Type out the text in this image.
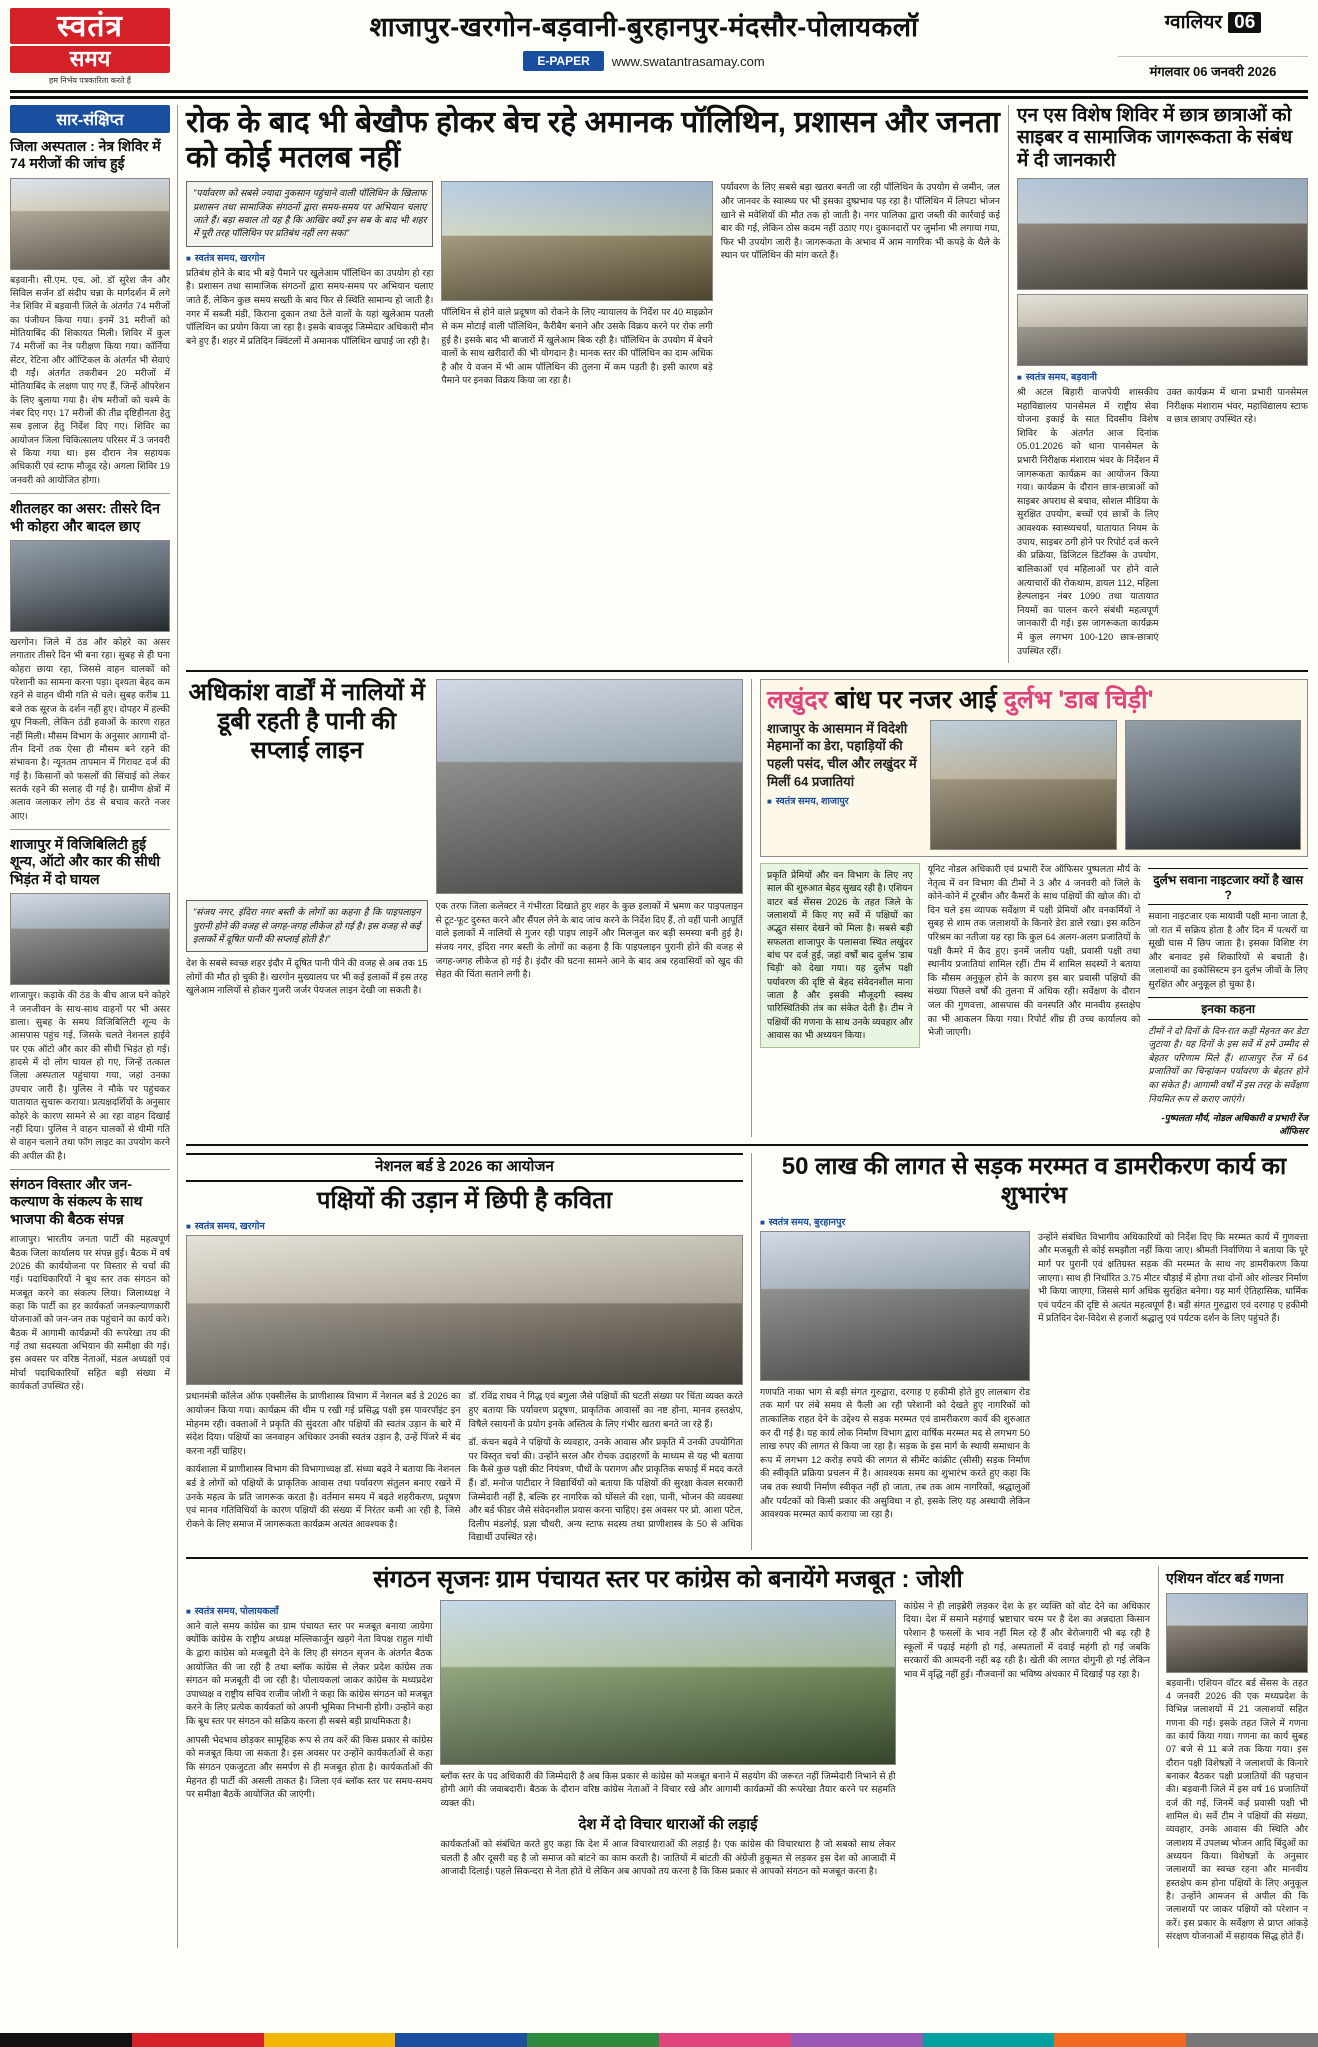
स्वतंत्र
समय
हम निर्भय पत्रकारिता करते हैं
शाजापुर-खरगोन-बड़वानी-बुरहानपुर-मंदसौर-पोलायकलॉ
E-PAPER	www.swatantrasamay.com
ग्वालियर 06
मंगलवार 06 जनवरी 2026
सार-संक्षिप्त
जिला अस्पताल : नेत्र शिविर में 74 मरीजों की जांच हुई
बड़वानी। सी.एम. एच. ओ. डॉ सुरेश जैन और सिविल सर्जन डॉ संदीप चन्ना के मार्गदर्शन में लगे नेत्र शिविर में बड़वानी जिले के अंतर्गत 74 मरीजों का पंजीयन किया गया। इनमें 31 मरीजों को मोतियाबिंद की शिकायत मिली। शिविर में कुल 74 मरीजों का नेत्र परीक्षण किया गया। कॉर्निया सेंटर, रेटिना और ऑप्टिकल के अंतर्गत भी सेवाएं दी गईं। अंतर्गत तकरीबन 20 मरीजों में मोतियाबिंद के लक्षण पाए गए हैं, जिन्हें ऑपरेशन के लिए बुलाया गया है। शेष मरीजों को चश्मे के नंबर दिए गए। 17 मरीजों की तीव्र दृष्टिहीनता हेतु सब इलाज हेतु निर्देश दिए गए। शिविर का आयोजन जिला चिकित्सालय परिसर में 3 जनवरी से किया गया था। इस दौरान नेत्र सहायक अधिकारी एवं स्टाफ मौजूद रहे। अगला शिविर 19 जनवरी को आयोजित होगा।
शीतलहर का असर: तीसरे दिन भी कोहरा और बादल छाए
खरगोन। जिले में ठंड और कोहरे का असर लगातार तीसरे दिन भी बना रहा। सुबह से ही घना कोहरा छाया रहा, जिससे वाहन चालकों को परेशानी का सामना करना पड़ा। दृश्यता बेहद कम रहने से वाहन धीमी गति से चले। सुबह करीब 11 बजे तक सूरज के दर्शन नहीं हुए। दोपहर में हल्की धूप निकली, लेकिन ठंडी हवाओं के कारण राहत नहीं मिली। मौसम विभाग के अनुसार आगामी दो-तीन दिनों तक ऐसा ही मौसम बने रहने की संभावना है। न्यूनतम तापमान में गिरावट दर्ज की गई है। किसानों को फसलों की सिंचाई को लेकर सतर्क रहने की सलाह दी गई है। ग्रामीण क्षेत्रों में अलाव जलाकर लोग ठंड से बचाव करते नजर आए।
शाजापुर में विजिबिलिटी हुई शून्य, ऑटो और कार की सीधी भिड़ंत में दो घायल
शाजापुर। कड़ाके की ठंड के बीच आज घने कोहरे ने जनजीवन के साथ-साथ वाहनों पर भी असर डाला। सुबह के समय विजिबिलिटी शून्य के आसपास पहुंच गई, जिसके चलते नेशनल हाईवे पर एक ऑटो और कार की सीधी भिड़ंत हो गई। हादसे में दो लोग घायल हो गए, जिन्हें तत्काल जिला अस्पताल पहुंचाया गया, जहां उनका उपचार जारी है। पुलिस ने मौके पर पहुंचकर यातायात सुचारू कराया। प्रत्यक्षदर्शियों के अनुसार कोहरे के कारण सामने से आ रहा वाहन दिखाई नहीं दिया। पुलिस ने वाहन चालकों से धीमी गति से वाहन चलाने तथा फॉग लाइट का उपयोग करने की अपील की है।
संगठन विस्तार और जन-कल्याण के संकल्प के साथ भाजपा की बैठक संपन्न
शाजापुर। भारतीय जनता पार्टी की महत्वपूर्ण बैठक जिला कार्यालय पर संपन्न हुई। बैठक में वर्ष 2026 की कार्ययोजना पर विस्तार से चर्चा की गई। पदाधिकारियों ने बूथ स्तर तक संगठन को मजबूत करने का संकल्प लिया। जिलाध्यक्ष ने कहा कि पार्टी का हर कार्यकर्ता जनकल्याणकारी योजनाओं को जन-जन तक पहुंचाने का कार्य करे। बैठक में आगामी कार्यक्रमों की रूपरेखा तय की गई तथा सदस्यता अभियान की समीक्षा की गई। इस अवसर पर वरिष्ठ नेताओं, मंडल अध्यक्षों एवं मोर्चा पदाधिकारियों सहित बड़ी संख्या में कार्यकर्ता उपस्थित रहे।
रोक के बाद भी बेखौफ होकर बेच रहे अमानक पॉलिथिन, प्रशासन और जनता को कोई मतलब नहीं
"पर्यावरण को सबसे ज्यादा नुकसान पहुंचाने वाली पॉलिथिन के खिलाफ प्रशासन तथा सामाजिक संगठनों द्वारा समय-समय पर अभियान चलाए जाते हैं। बड़ा सवाल तो यह है कि आखिर क्यों इन सब के बाद भी शहर में पूरी तरह पॉलिथिन पर प्रतिबंध नहीं लग सका"
■ स्वतंत्र समय, खरगोन
प्रतिबंध होने के बाद भी बड़े पैमाने पर खुलेआम पॉलिथिन का उपयोग हो रहा है। प्रशासन तथा सामाजिक संगठनों द्वारा समय-समय पर अभियान चलाए जाते हैं, लेकिन कुछ समय सख्ती के बाद फिर से स्थिति सामान्य हो जाती है। नगर में सब्जी मंडी, किराना दुकान तथा ठेले वालों के यहां खुलेआम पतली पॉलिथिन का प्रयोग किया जा रहा है। इसके बावजूद जिम्मेदार अधिकारी मौन बने हुए हैं। शहर में प्रतिदिन क्विंटलों में अमानक पॉलिथिन खपाई जा रही है।
पॉलिथिन से होने वाले प्रदूषण को रोकने के लिए न्यायालय के निर्देश पर 40 माइक्रोन से कम मोटाई वाली पॉलिथिन, कैरीबैग बनाने और उसके विक्रय करने पर रोक लगी हुई है। इसके बाद भी बाजारों में खुलेआम बिक रही है। पॉलिथिन के उपयोग में बेचने वालों के साथ खरीदारों की भी योगदान है। मानक स्तर की पॉलिथिन का दाम अधिक है और ये वजन में भी आम पॉलिथिन की तुलना में कम पड़ती है। इसी कारण बड़े पैमाने पर इनका विक्रय किया जा रहा है।
पर्यावरण के लिए सबसे बड़ा खतरा बनती जा रही पॉलिथिन के उपयोग से जमीन, जल और जानवर के स्वास्थ्य पर भी इसका दुष्प्रभाव पड़ रहा है। पॉलिथिन में लिपटा भोजन खाने से मवेशियों की मौत तक हो जाती है। नगर पालिका द्वारा जब्ती की कार्रवाई कई बार की गई, लेकिन ठोस कदम नहीं उठाए गए। दुकानदारों पर जुर्माना भी लगाया गया, फिर भी उपयोग जारी है। जागरूकता के अभाव में आम नागरिक भी कपड़े के थैले के स्थान पर पॉलिथिन की मांग करते हैं।
एन एस विशेष शिविर में छात्र छात्राओं को साइबर व सामाजिक जागरूकता के संबंध में दी जानकारी
■ स्वतंत्र समय, बड़वानी
श्री अटल बिहारी वाजपेयी शासकीय महाविद्यालय पानसेमल में राष्ट्रीय सेवा योजना इकाई के सात दिवसीय विशेष शिविर के अंतर्गत आज दिनांक 05.01.2026 को थाना पानसेमल के प्रभारी निरीक्षक मंशाराम भंवर के निर्देशन में जागरूकता कार्यक्रम का आयोजन किया गया। कार्यक्रम के दौरान छात्र-छात्राओं को साइबर अपराध से बचाव, सोशल मीडिया के सुरक्षित उपयोग, बच्चों एवं छात्रों के लिए आवश्यक स्वास्थ्यचर्या, यातायात नियम के उपाय, साइबर ठगी होने पर रिपोर्ट दर्ज करने की प्रक्रिया, डिजिटल डिटॉक्स के उपयोग, बालिकाओं एवं महिलाओं पर होने वाले अत्याचारों की रोकथाम, डायल 112, महिला हेल्पलाइन नंबर 1090 तथा यातायात नियमों का पालन करने संबंधी महत्वपूर्ण जानकारी दी गई। इस जागरूकता कार्यक्रम में कुल लगभग 100-120 छात्र-छात्राएं उपस्थित रहीं।
उक्त कार्यक्रम में थाना प्रभारी पानसेमल निरीक्षक मंशाराम भंवर, महाविद्यालय स्टाफ व छात्र छात्राए उपस्थित रहे।
अधिकांश वार्डों में नालियों में डूबी रहती है पानी की सप्लाई लाइन
"संजय नगर, इंदिरा नगर बस्ती के लोगों का कहना है कि पाइपलाइन पुरानी होने की वजह से जगह-जगह लीकेज हो गई है। इस वजह से कई इलाकों में दूषित पानी की सप्लाई होती है।"
देश के सबसे स्वच्छ शहर इंदौर में दूषित पानी पीने की वजह से अब तक 15 लोगों की मौत हो चुकी है। खरगोन मुख्यालय पर भी कई इलाकों में इस तरह खुलेआम नालियों से होकर गुजरी जर्जर पेयजल लाइन देखी जा सकती है।
एक तरफ जिला कलेक्टर ने गंभीरता दिखाते हुए शहर के कुछ इलाकों में भ्रमण कर पाइपलाइन से टूट-फूट दुरुस्त करने और सैंपल लेने के बाद जांच करने के निर्देश दिए हैं, तो वहीं पानी आपूर्ति वाले इलाकों में नालियों से गुजर रही पाइप लाइनें और मिलजुल कर बड़ी समस्या बनी हुई है। संजय नगर, इंदिरा नगर बस्ती के लोगों का कहना है कि पाइपलाइन पुरानी होने की वजह से जगह-जगह लीकेज हो गई है। इंदौर की घटना सामने आने के बाद अब रहवासियों को खुद की सेहत की चिंता सताने लगी है।
लखुंदर बांध पर नजर आई दुर्लभ 'डाब चिड़ी'
शाजापुर के आसमान में विदेशी मेहमानों का डेरा, पहाड़ियों की पहली पसंद, चील और लखुंदर में मिलीं 64 प्रजातियां
■ स्वतंत्र समय, शाजापुर
प्रकृति प्रेमियों और वन विभाग के लिए नए साल की शुरुआत बेहद सुखद रही है। एशियन वाटर बर्ड सेंसस 2026 के तहत जिले के जलाशयों में किए गए सर्वे में पक्षियों का अद्भुत संसार देखने को मिला है। सबसे बड़ी सफलता शाजापुर के पलासवा स्थित लखुंदर बांध पर दर्ज हुई, जहां वर्षों बाद दुर्लभ 'डाब चिड़ी' को देखा गया। यह दुर्लभ पक्षी पर्यावरण की दृष्टि से बेहद संवेदनशील माना जाता है और इसकी मौजूदगी स्वस्थ पारिस्थितिकी तंत्र का संकेत देती है। टीम ने पक्षियों की गणना के साथ उनके व्यवहार और आवास का भी अध्ययन किया।
यूनिट नोडल अधिकारी एवं प्रभारी रेंज ऑफिसर पुष्पलता मौर्य के नेतृत्व में वन विभाग की टीमों ने 3 और 4 जनवरी को जिले के कोने-कोने में टूरबीन और कैमरों के साथ पक्षियों की खोज की। दो दिन चले इस व्यापक सर्वेक्षण में पक्षी प्रेमियों और वनकर्मियों ने सुबह से शाम तक जलाशयों के किनारे डेरा डाले रखा। इस कठिन परिश्रम का नतीजा यह रहा कि कुल 64 अलग-अलग प्रजातियों के पक्षी कैमरे में कैद हुए। इनमें जलीय पक्षी, प्रवासी पक्षी तथा स्थानीय प्रजातियां शामिल रहीं। टीम में शामिल सदस्यों ने बताया कि मौसम अनुकूल होने के कारण इस बार प्रवासी पक्षियों की संख्या पिछले वर्षों की तुलना में अधिक रही। सर्वेक्षण के दौरान जल की गुणवत्ता, आसपास की वनस्पति और मानवीय हस्तक्षेप का भी आकलन किया गया। रिपोर्ट शीघ्र ही उच्च कार्यालय को भेजी जाएगी।
दुर्लभ सवाना नाइटजार क्यों है खास ?
सवाना नाइटजार एक मायावी पक्षी माना जाता है, जो रात में सक्रिय होता है और दिन में पत्थरों या सूखी घास में छिप जाता है। इसका विशिष्ट रंग और बनावट इसे शिकारियों से बचाती है। जलाशयों का इकोसिस्टम इन दुर्लभ जीवों के लिए सुरक्षित और अनुकूल हो चुका है।
इनका कहना
टीमों ने दो दिनों के दिन-रात कड़ी मेहनत कर डेटा जुटाया है। यह दिनों के इस सर्वे में हमें उम्मीद से बेहतर परिणाम मिले हैं। शाजापुर रेंज में 64 प्रजातियों का चिन्हांकन पर्यावरण के बेहतर होने का संकेत है। आगामी वर्षों में इस तरह के सर्वेक्षण नियमित रूप से कराए जाएंगे।
-पुष्पलता मौर्य, नोडल अधिकारी व प्रभारी रेंज ऑफिसर
नेशनल बर्ड डे 2026 का आयोजन
पक्षियों की उड़ान में छिपी है कविता
■ स्वतंत्र समय, खरगोन
प्रधानमंत्री कॉलेज ऑफ एक्सीलेंस के प्राणीशास्त्र विभाग में नेशनल बर्ड डे 2026 का आयोजन किया गया। कार्यक्रम की थीम प रखी गई प्रसिद्ध पक्षी इस पावरपॉइंट इन मोहनम रही। वक्ताओं ने प्रकृति की सुंदरता और पक्षियों की स्वतंत्र उड़ान के बारे में संदेश दिया। पक्षियों का जनवाहन अधिकार उनकी स्वतंत्र उड़ान है, उन्हें पिंजरे में बंद करना नहीं चाहिए।
कार्यशाला में प्राणीशास्त्र विभाग की विभागाध्यक्ष डॉ. संध्या बढ़वे ने बताया कि नेशनल बर्ड डे लोगों को पक्षियों के प्राकृतिक आवास तथा पर्यावरण संतुलन बनाए रखने में उनके महत्व के प्रति जागरूक करता है। वर्तमान समय में बढ़ते शहरीकरण, प्रदूषण एवं मानव गतिविधियों के कारण पक्षियों की संख्या में निरंतर कमी आ रही है, जिसे रोकने के लिए समाज में जागरूकता कार्यक्रम अत्यंत आवश्यक है।
डॉ. रविंद्र राघव ने गिद्ध एवं बगुला जैसे पक्षियों की घटती संख्या पर चिंता व्यक्त करते हुए बताया कि पर्यावरण प्रदूषण, प्राकृतिक आवासों का नष्ट होना, मानव हस्तक्षेप, विषैले रसायनों के प्रयोग इनके अस्तित्व के लिए गंभीर खतरा बनते जा रहे हैं।
डॉ. कंचन बढ़वे ने पक्षियों के व्यवहार, उनके आवास और प्रकृति में उनकी उपयोगिता पर विस्तृत चर्चा की। उन्होंने सरल और रोचक उदाहरणों के माध्यम से यह भी बताया कि कैसे कुछ पक्षी कीट नियंत्रण, पौधों के परागण और प्राकृतिक सफाई में मदद करते हैं। डॉ. मनोज पाटीदार ने विद्यार्थियों को बताया कि पक्षियों की सुरक्षा केवल सरकारी जिम्मेदारी नहीं है, बल्कि हर नागरिक को घोंसले की रक्षा, पानी, भोजन की व्यवस्था और बर्ड फीडर जैसे संवेदनशील प्रयास करना चाहिए। इस अवसर पर प्रो. आशा पटेल, दिलीप मंडलोई, प्रज्ञा चौधरी, अन्य स्टाफ सदस्य तथा प्राणीशास्त्र के 50 से अधिक विद्यार्थी उपस्थित रहे।
50 लाख की लागत से सड़क मरम्मत व डामरीकरण कार्य का शुभारंभ
■ स्वतंत्र समय, बुरहानपुर
गणपति नाका भाग से बड़ी संगत गुरुद्वारा, दरगाह ए हकीमी होते हुए लालबाग रोड तक मार्ग पर लंबे समय से फैली आ रही परेशानी को देखते हुए नागरिकों को तात्कालिक राहत देने के उद्देश्य से सड़क मरम्मत एवं डामरीकरण कार्य की शुरुआत कर दी गई है। यह कार्य लोक निर्माण विभाग द्वारा वार्षिक मरम्मत मद से लगभग 50 लाख रुपए की लागत से किया जा रहा है। सड़क के इस मार्ग के स्थायी समाधान के रूप में लगभग 12 करोड़ रुपये की लागत से सीमेंट कांक्रीट (सीसी) सड़क निर्माण की स्वीकृति प्रक्रिया प्रचलन में है। आवश्यक समय का शुभारंभ करते हुए कहा कि जब तक स्थायी निर्माण स्वीकृत नहीं हो जाता, तब तक आम नागरिकों, श्रद्धालुओं और पर्यटकों को किसी प्रकार की असुविधा न हो, इसके लिए यह अस्थायी लेकिन आवश्यक मरम्मत कार्य कराया जा रहा है।
उन्होंने संबंधित विभागीय अधिकारियों को निर्देश दिए कि मरम्मत कार्य में गुणवत्ता और मजबूती से कोई समझौता नहीं किया जाए। श्रीमती निर्वाणिया ने बताया कि पूरे मार्ग पर पुरानी एवं क्षतिग्रस्त सड़क की मरम्मत के साथ नए डामरीकरण किया जाएगा। साथ ही निर्धारित 3.75 मीटर चौड़ाई में होगा तथा दोनों ओर शोल्डर निर्माण भी किया जाएगा, जिससे मार्ग अधिक सुरक्षित बनेगा। यह मार्ग ऐतिहासिक, धार्मिक एवं पर्यटन की दृष्टि से अत्यंत महत्वपूर्ण है। बड़ी संगत गुरुद्वारा एवं दरगाह ए हकीमी में प्रतिदिन देश-विदेश से हजारों श्रद्धालु एवं पर्यटक दर्शन के लिए पहुंचते हैं।
संगठन सृजनः ग्राम पंचायत स्तर पर कांग्रेस को बनायेंगे मजबूत : जोशी
■ स्वतंत्र समय, पोलायकलाँ
आने वाले समय कांग्रेस का ग्राम पंचायत स्तर पर मजबूत बनाया जायेगा क्योंकि कांग्रेस के राष्ट्रीय अध्यक्ष मल्लिकार्जुन खड़गे नेता विपक्ष राहुल गांधी के द्वारा कांग्रेस को मजबूती देने के लिए ही संगठन सृजन के अंतर्गत बैठक आयोजित की जा रही है तथा ब्लॉक कांग्रेस से लेकर प्रदेश कांग्रेस तक संगठन को मजबूती दी जा रही है। पोलायकलां जाकर कांग्रेस के मध्यप्रदेश उपाध्यक्ष व राष्ट्रीय सचिव राजीव जोशी ने कहा कि कांग्रेस संगठन को मजबूत करने के लिए प्रत्येक कार्यकर्ता को अपनी भूमिका निभानी होगी। उन्होंने कहा कि बूथ स्तर पर संगठन को सक्रिय करना ही सबसे बड़ी प्राथमिकता है।
आपसी भेदभाव छोड़कर सामूहिक रूप से तय करें की किस प्रकार से कांग्रेस को मजबूत किया जा सकता है। इस अवसर पर उन्होंने कार्यकर्ताओं से कहा कि संगठन एकजुटता और समर्पण से ही मजबूत होता है। कार्यकर्ताओं की मेहनत ही पार्टी की असली ताकत है। जिला एवं ब्लॉक स्तर पर समय-समय पर समीक्षा बैठकें आयोजित की जाएंगी।
ब्लॉक स्तर के पद अधिकारी की जिम्मेदारी है अब किस प्रकार से कांग्रेस को मजबूत बनाने में सहयोग की जरूरत नहीं जिम्मेदारी निभाने से ही होगी आगे की जवाबदारी। बैठक के दौरान वरिष्ठ कांग्रेस नेताओं ने विचार रखे और आगामी कार्यक्रमों की रूपरेखा तैयार करने पर सहमति व्यक्त की।
देश में दो विचार धाराओं की लड़ाई
कार्यकर्ताओं को संबंधित करते हुए कहा कि देश में आज विचारधाराओं की लड़ाई है। एक कांग्रेस की विचारधारा है जो सबको साथ लेकर चलती है और दूसरी वह है जो समाज को बांटने का काम करती है। जातियों में बांटती की अंग्रेजी हुकूमत से लड़कर इस देश को आजादी में आजादी दिलाई। पहले सिकन्दरा से नेता होते थे लेकिन अब आपको तय करना है कि किस प्रकार से आपको संगठन को मजबूत करना है।
कांग्रेस ने ही लाइब्रेरी लड़कर देश के हर व्यक्ति को वोट देने का अधिकार दिया। देश में समाने महंगाई भ्रष्टाचार चरम पर है देश का अन्नदाता किसान परेशान है फसलों के भाव नहीं मिल रहे हैं और बेरोजगारी भी बढ़ रही है स्कूलों में पढ़ाई महंगी हो गई, अस्पतालों में दवाई महंगी हो गई जबकि सरकारों की आमदनी नहीं बढ़ रही है। खेती की लागत दोगुनी हो गई लेकिन भाव में वृद्धि नहीं हुई। नौजवानों का भविष्य अंधकार में दिखाई पड़ रहा है।
एशियन वॉटर बर्ड गणना
बड़वानी। एशियन वॉटर बर्ड सेंसस के तहत 4 जनवरी 2026 की एक मध्यप्रदेश के विभिन्न जलाशयों में 21 जलाशयों सहित गणना की गई। इसके तहत जिले में गणना का कार्य किया गया। गणना का कार्य सुबह 07 बजे से 11 बजे तक किया गया। इस दौरान पक्षी विशेषज्ञों ने जलाशयों के किनारे बनाकर बैठकर पक्षी प्रजातियों की पहचान की। बड़वानी जिले में इस वर्ष 16 प्रजातियों दर्ज की गई, जिनमें कई प्रवासी पक्षी भी शामिल थे। सर्वे टीम ने पक्षियों की संख्या, व्यवहार, उनके आवास की स्थिति और जलाशय में उपलब्ध भोजन आदि बिंदुओं का अध्ययन किया। विशेषज्ञों के अनुसार जलाशयों का स्वच्छ रहना और मानवीय हस्तक्षेप कम होना पक्षियों के लिए अनुकूल है। उन्होंने आमजन से अपील की कि जलाशयों पर जाकर पक्षियों को परेशान न करें। इस प्रकार के सर्वेक्षण से प्राप्त आंकड़े संरक्षण योजनाओं में सहायक सिद्ध होते हैं।
